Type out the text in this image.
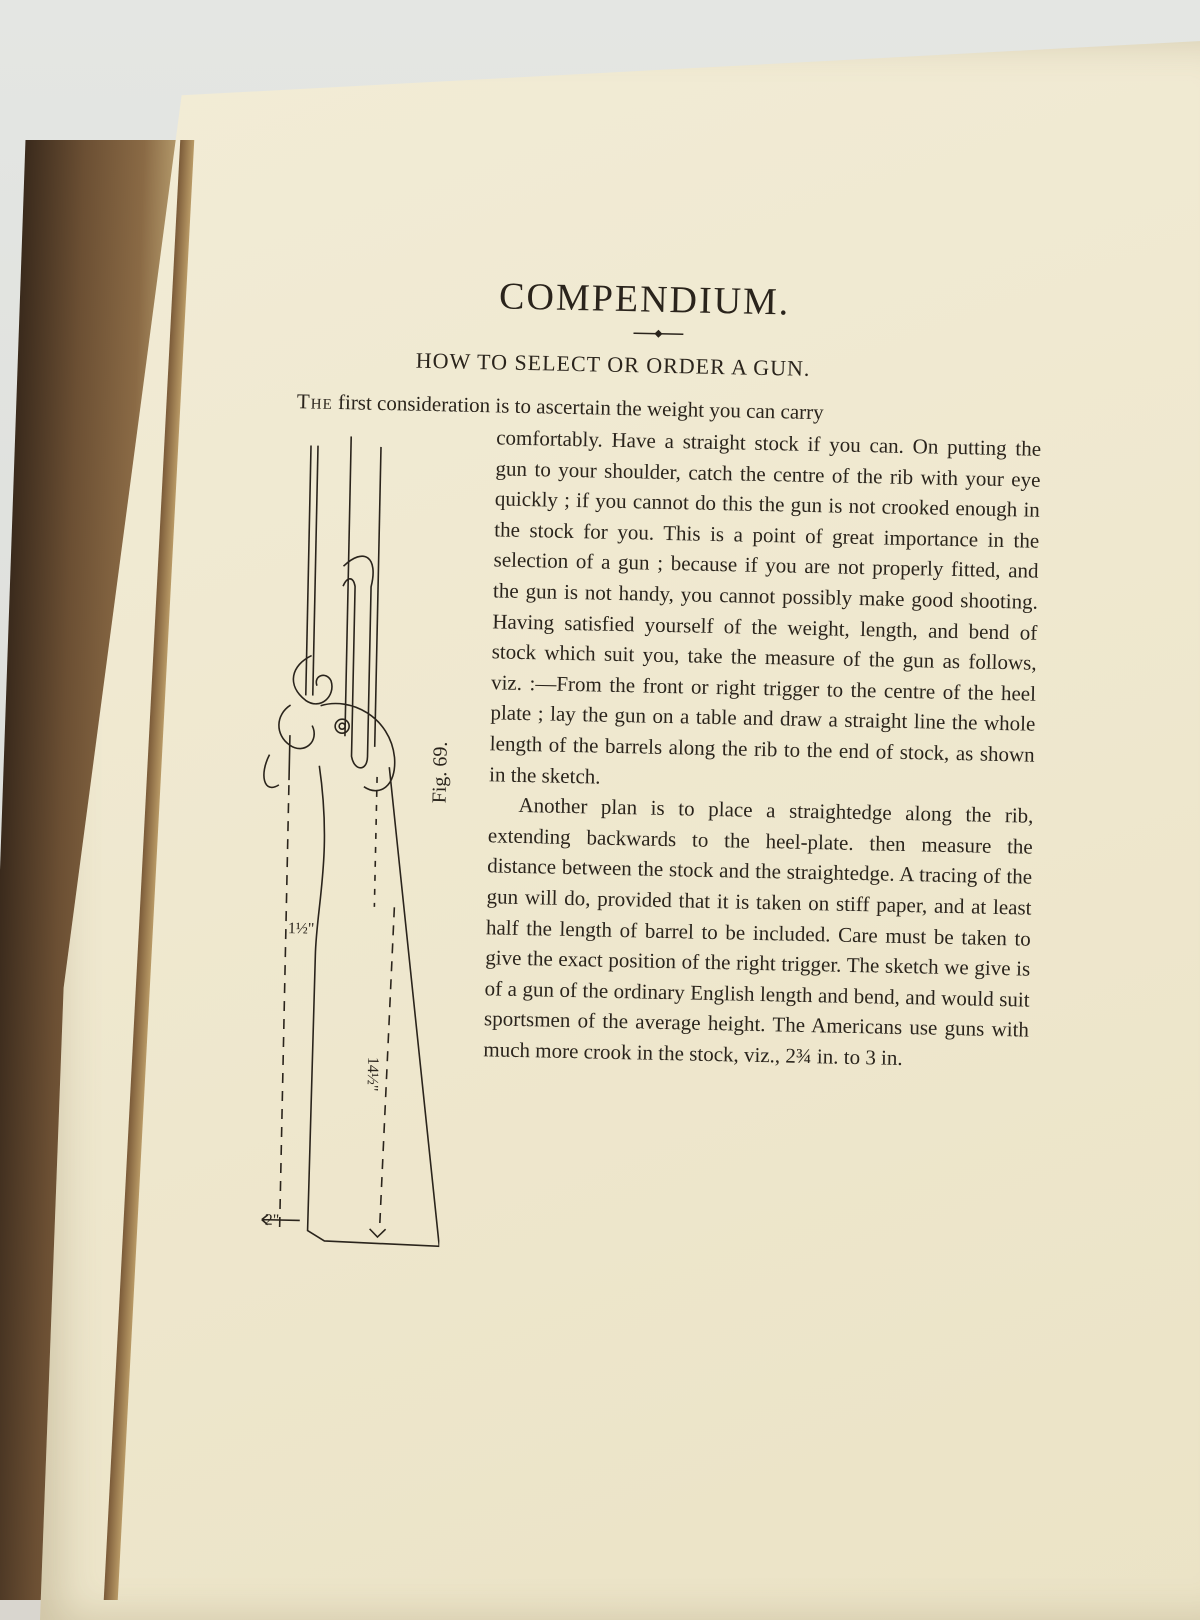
COMPENDIUM.
HOW TO SELECT OR ORDER A GUN.

The first consideration is to ascertain the weight you can carry

comfortably. Have a straight stock if you can. On putting the gun to your shoulder, catch the centre of the rib with your eye quickly ; if you cannot do this the gun is not crooked enough in the stock for you. This is a point of great importance in the selection of a gun ; because if you are not properly fitted, and the gun is not handy, you cannot possibly make good shooting. Having satisfied yourself of the weight, length, and bend of stock which suit you, take the measure of the gun as follows, viz. :—From the front or right trigger to the centre of the heel plate ; lay the gun on a table and draw a straight line the whole length of the barrels along the rib to the end of stock, as shown in the sketch.

Another plan is to place a straightedge along the rib, extending backwards to the heel-plate. then measure the distance between the stock and the straightedge. A tracing of the gun will do, provided that it is taken on stiff paper, and at least half the length of barrel to be included. Care must be taken to give the exact position of the right trigger. The sketch we give is of a gun of the ordinary English length and bend, and would suit sportsmen of the average height. The Americans use guns with much more crook in the stock, viz., 2¾ in. to 3 in.

1½"
2"
14½"
Fig. 69.
